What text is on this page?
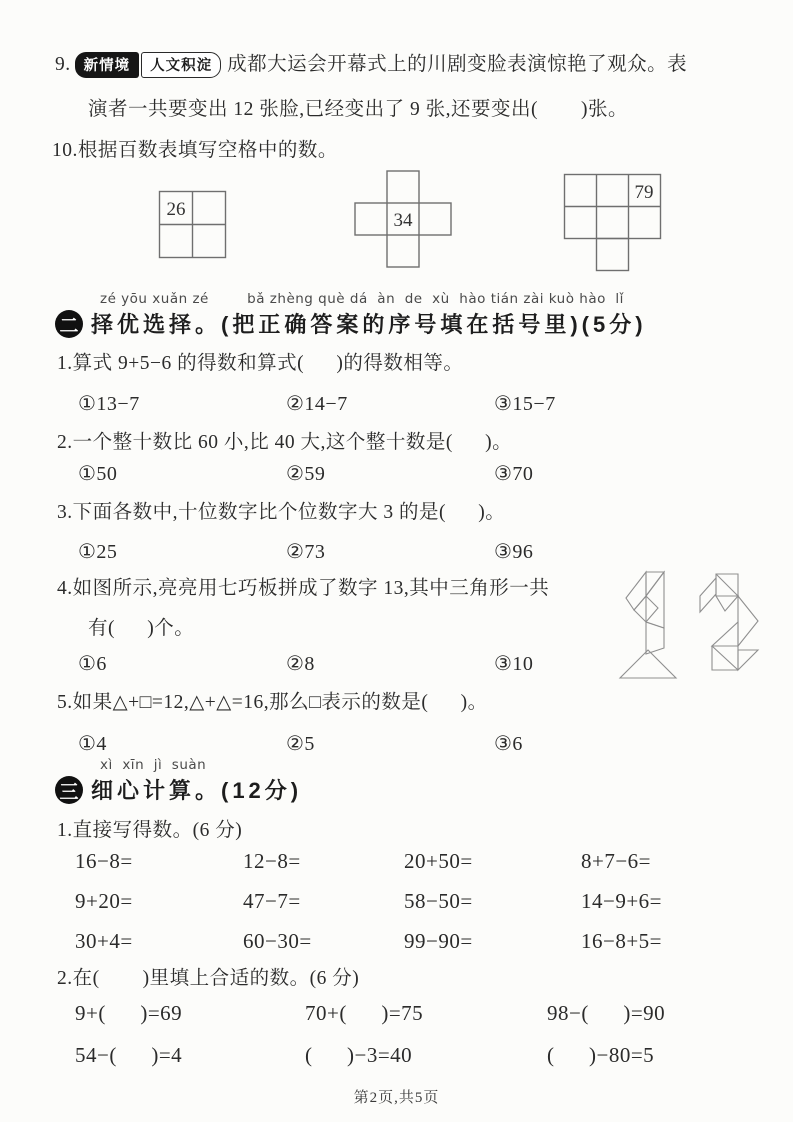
9. 新情境	人文积淀 成都大运会开幕式上的川剧变脸表演惊艳了观众。表
演者一共要变出 12 张脸,已经变出了 9 张,还要变出(        )张。
10.根据百数表填写空格中的数。
26
34
79
zé yōu xuǎn zé        bǎ zhèng què dá  àn  de  xù  hào tián zài kuò hào  lǐ
二 择优选择。(把正确答案的序号填在括号里)(5分)
1.算式 9+5−6 的得数和算式(      )的得数相等。
①13−7	②14−7	③15−7
2.一个整十数比 60 小,比 40 大,这个整十数是(      )。
①50	②59	③70
3.下面各数中,十位数字比个位数字大 3 的是(      )。
①25	②73	③96
4.如图所示,亮亮用七巧板拼成了数字 13,其中三角形一共
有(      )个。
①6	②8	③10
5.如果△+□=12,△+△=16,那么□表示的数是(      )。
①4	②5	③6
xì  xīn  jì  suàn
三 细心计算。(12分)
1.直接写得数。(6 分)
16−8=	12−8=	20+50=	8+7−6=
9+20=	47−7=	58−50=	14−9+6=
30+4=	60−30=	99−90=	16−8+5=
2.在(        )里填上合适的数。(6 分)
9+(      )=69	70+(      )=75	98−(      )=90
54−(      )=4	(      )−3=40	(      )−80=5
第2页,共5页
